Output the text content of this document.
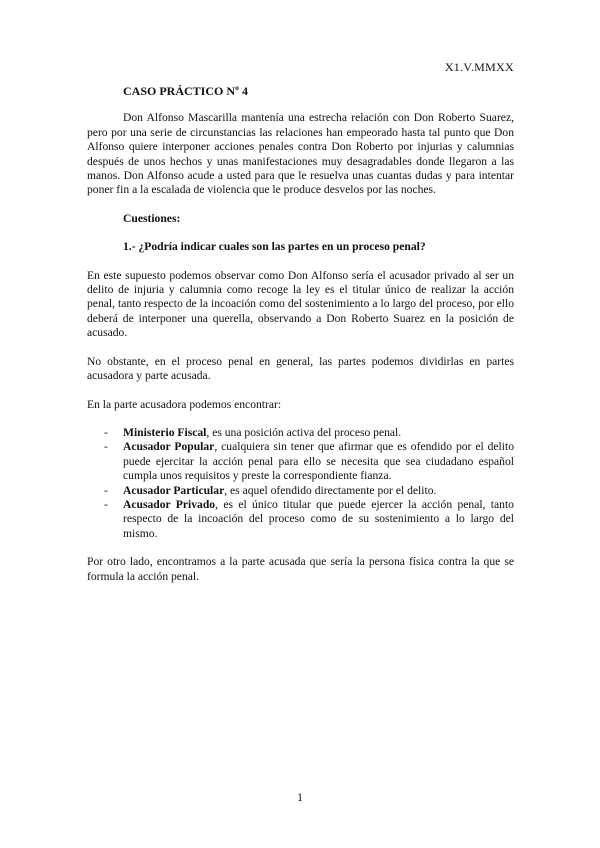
X1.V.MMXX

CASO PRÁCTICO Nº 4

Don Alfonso Mascarilla mantenía una estrecha relación con Don Roberto Suarez, pero por una serie de circunstancias las relaciones han empeorado hasta tal punto que Don Alfonso quiere interponer acciones penales contra Don Roberto por injurias y calumnias después de unos hechos y unas manifestaciones muy desagradables donde llegaron a las manos. Don Alfonso acude a usted para que le resuelva unas cuantas dudas y para intentar poner fin a la escalada de violencia que le produce desvelos por las noches.

Cuestiones:

1.- ¿Podría indicar cuales son las partes en un proceso penal?

En este supuesto podemos observar como Don Alfonso sería el acusador privado al ser un delito de injuria y calumnia como recoge la ley es el titular único de realizar la acción penal, tanto respecto de la incoación como del sostenimiento a lo largo del proceso, por ello deberá de interponer una querella, observando a Don Roberto Suarez en la posición de acusado.

No obstante, en el proceso penal en general, las partes podemos dividirlas en partes acusadora y parte acusada.

En la parte acusadora podemos encontrar:

- Ministerio Fiscal, es una posición activa del proceso penal.
- Acusador Popular, cualquiera sin tener que afirmar que es ofendido por el delito puede ejercitar la acción penal para ello se necesita que sea ciudadano español cumpla unos requisitos y preste la correspondiente fianza.
- Acusador Particular, es aquel ofendido directamente por el delito.
- Acusador Privado, es el único titular que puede ejercer la acción penal, tanto respecto de la incoación del proceso como de su sostenimiento a lo largo del mismo.

Por otro lado, encontramos a la parte acusada que sería la persona física contra la que se formula la acción penal.

1
